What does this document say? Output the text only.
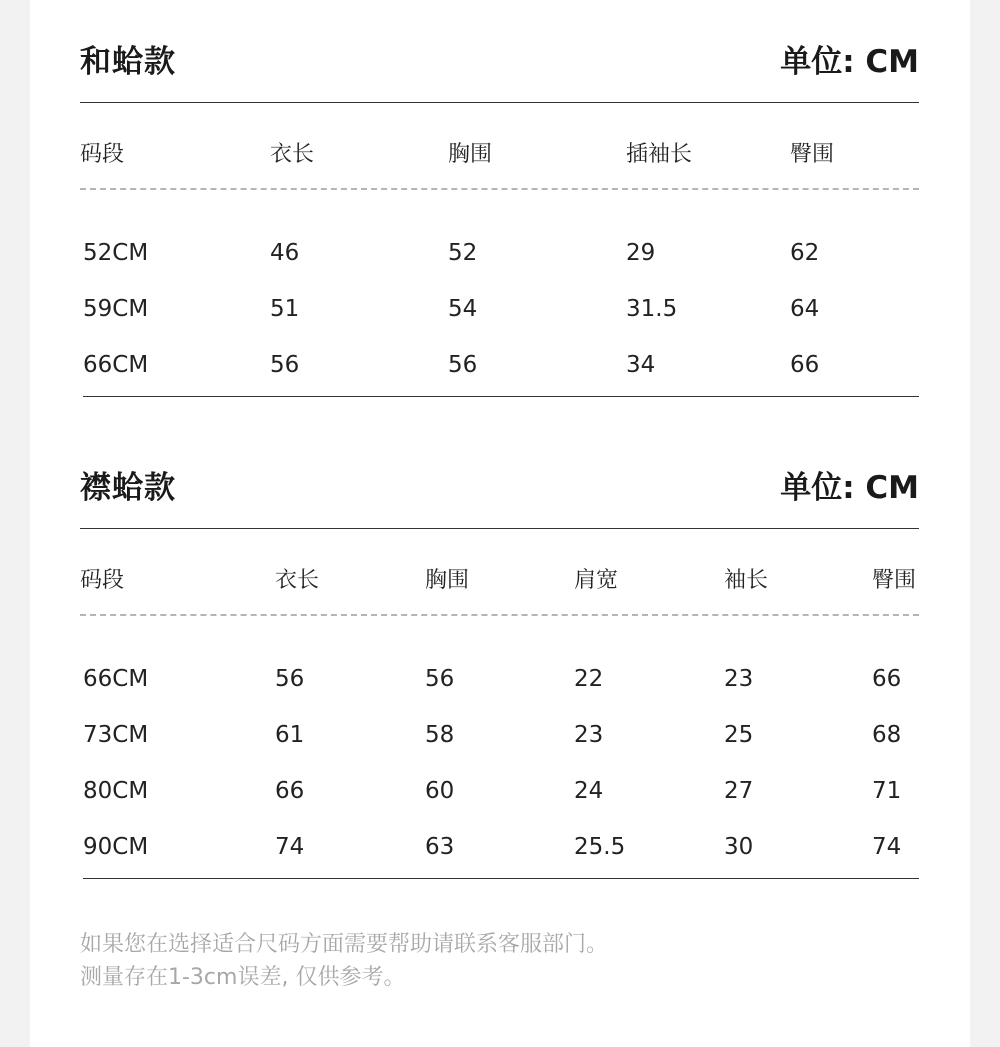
和蛤款	单位: CM
码段	衣长	胸围	插袖长	臀围
52CM	46	52	29	62
59CM	51	54	31.5	64
66CM	56	56	34	66
襟蛤款	单位: CM
码段	衣长	胸围	肩宽	袖长	臀围
66CM	56	56	22	23	66
73CM	61	58	23	25	68
80CM	66	60	24	27	71
90CM	74	63	25.5	30	74
如果您在选择适合尺码方面需要帮助请联系客服部门。
测量存在1-3cm误差, 仅供参考。
